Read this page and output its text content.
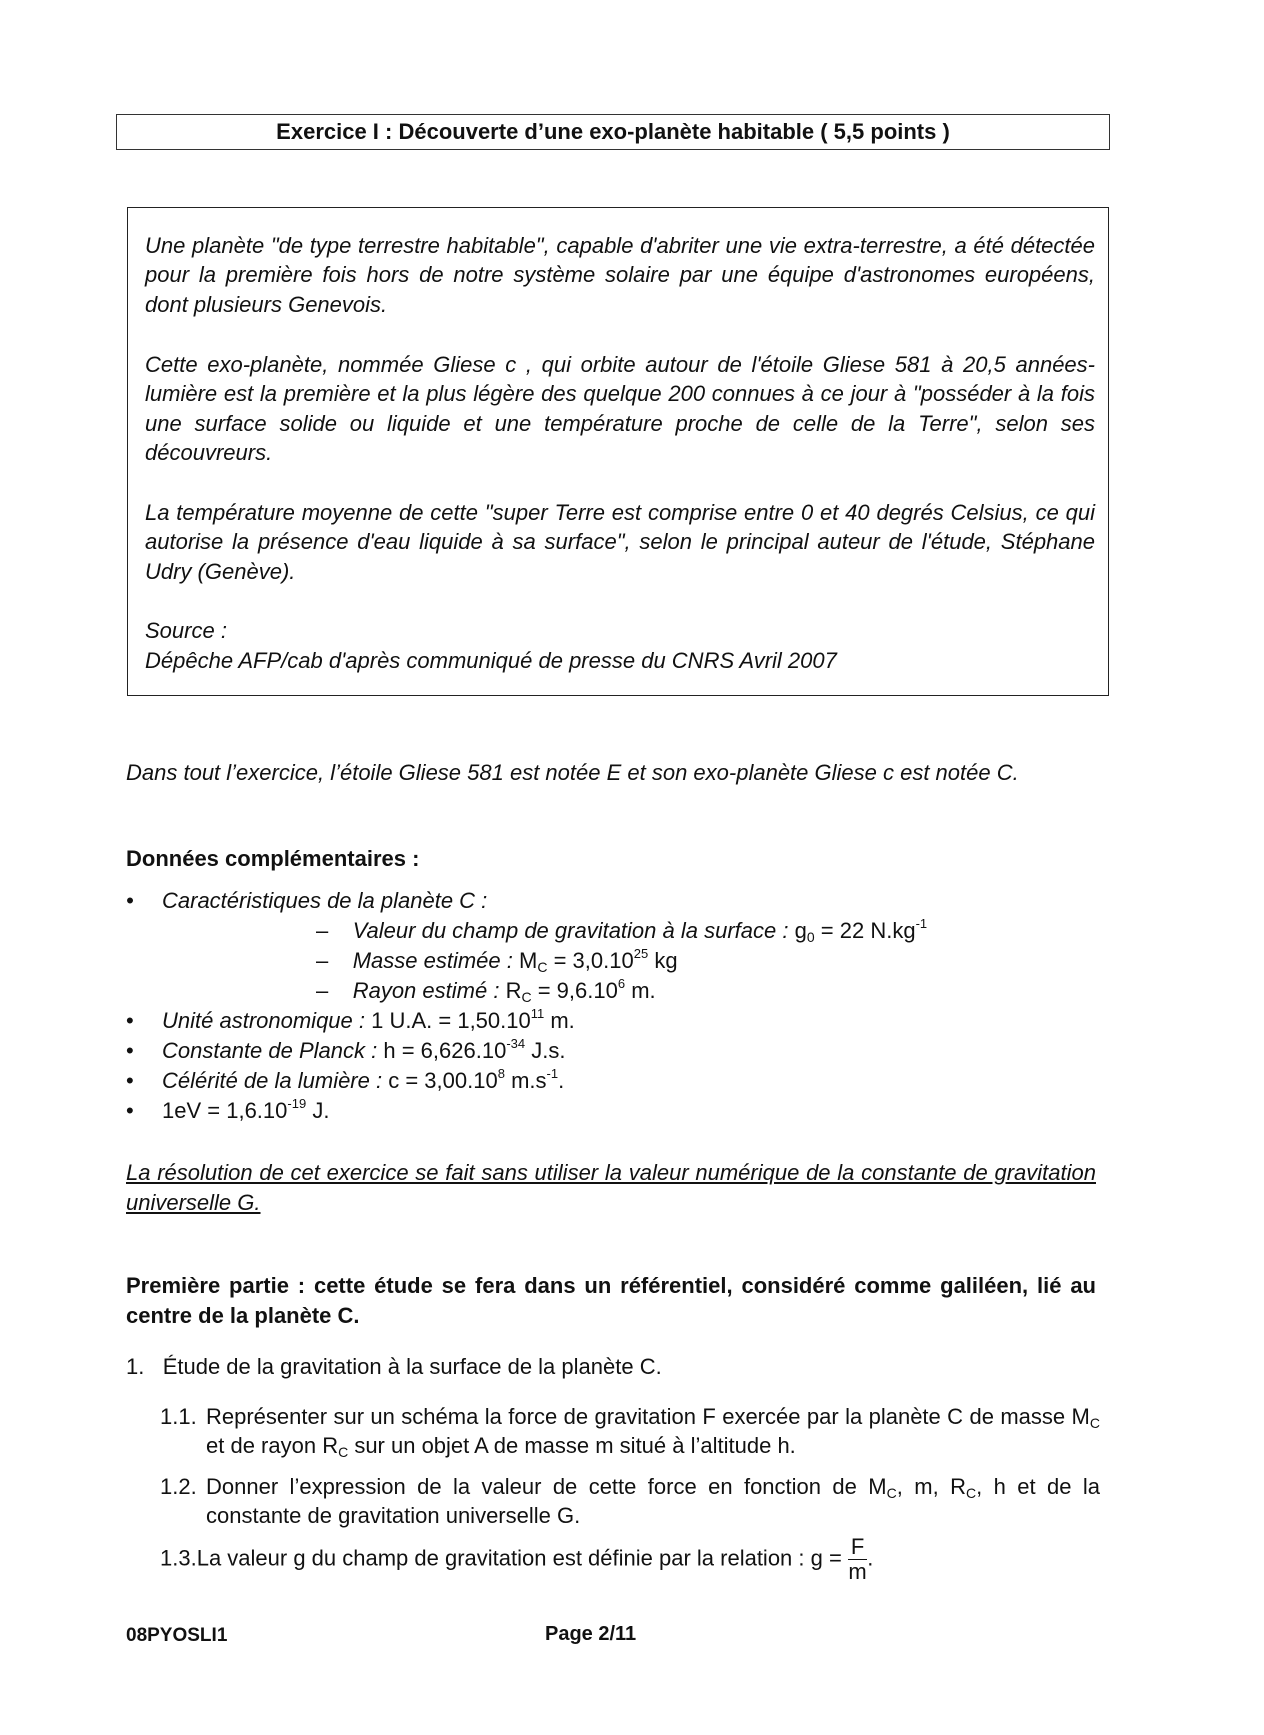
Exercice I : Découverte d’une exo-planète habitable ( 5,5 points )
Une planète "de type terrestre habitable", capable d'abriter une vie extra-terrestre, a été détectée pour la première fois hors de notre système solaire par une équipe d'astronomes européens, dont plusieurs Genevois.
Cette exo-planète, nommée Gliese c , qui orbite autour de l'étoile Gliese 581 à 20,5 années-lumière est la première et la plus légère des quelque 200 connues à ce jour à "posséder à la fois une surface solide ou liquide et une température proche de celle de la Terre", selon ses découvreurs.
La température moyenne de cette "super Terre est comprise entre 0 et 40 degrés Celsius, ce qui autorise la présence d'eau liquide à sa surface", selon le principal auteur de l'étude, Stéphane Udry (Genève).
Source :
Dépêche AFP/cab d'après communiqué de presse du CNRS Avril 2007
Dans tout l’exercice, l’étoile Gliese 581 est notée E et son exo-planète Gliese c est notée C.
Données complémentaires :
• Caractéristiques de la planète C :
– Valeur du champ de gravitation à la surface : $g_0 = 22$ $N.kg^{-1}$
– Masse estimée : $M_C = 3,0.10^{25}$ kg
– Rayon estimé : $R_C = 9,6.10^6$ m.
• Unité astronomique : 1 U.A. = $1,50.10^{11}$ m.
• Constante de Planck : $h = 6,626.10^{-34}$ J.s.
• Célérité de la lumière : $c = 3,00.10^8$ $m.s^{-1}$.
• $1eV = 1,6.10^{-19}$ J.
La résolution de cet exercice se fait sans utiliser la valeur numérique de la constante de gravitation universelle G.
Première partie : cette étude se fera dans un référentiel, considéré comme galiléen, lié au centre de la planète C.
1. Étude de la gravitation à la surface de la planète C.
1.1. Représenter sur un schéma la force de gravitation F exercée par la planète C de masse $M_C$ et de rayon $R_C$ sur un objet A de masse m situé à l’altitude h.
1.2. Donner l’expression de la valeur de cette force en fonction de $M_C$, m, $R_C$, h et de la constante de gravitation universelle G.
1.3.La valeur g du champ de gravitation est définie par la relation : $g = \frac{F}{m}$ .
08PYOSLI1	Page 2/11
